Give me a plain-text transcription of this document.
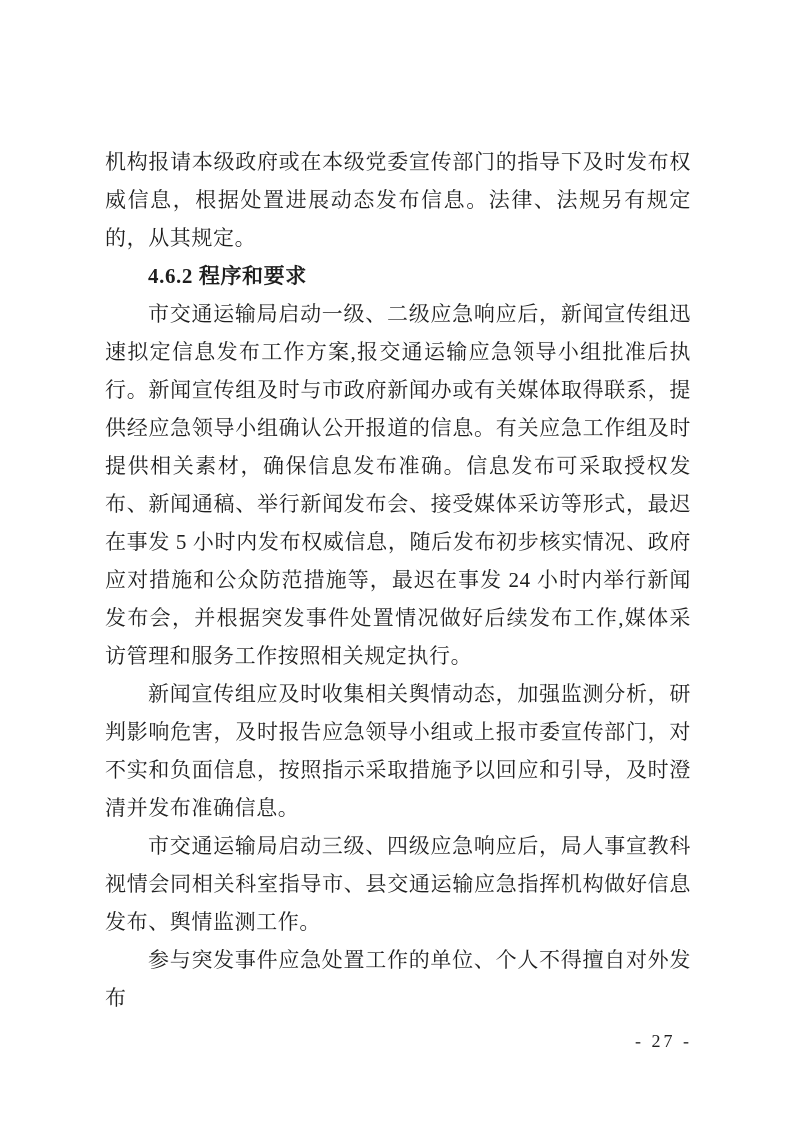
机构报请本级政府或在本级党委宣传部门的指导下及时发布权威信息，根据处置进展动态发布信息。法律、法规另有规定的，从其规定。

4.6.2 程序和要求

市交通运输局启动一级、二级应急响应后，新闻宣传组迅速拟定信息发布工作方案,报交通运输应急领导小组批准后执行。新闻宣传组及时与市政府新闻办或有关媒体取得联系，提供经应急领导小组确认公开报道的信息。有关应急工作组及时提供相关素材，确保信息发布准确。信息发布可采取授权发布、新闻通稿、举行新闻发布会、接受媒体采访等形式，最迟在事发 5 小时内发布权威信息，随后发布初步核实情况、政府应对措施和公众防范措施等，最迟在事发 24 小时内举行新闻发布会，并根据突发事件处置情况做好后续发布工作,媒体采访管理和服务工作按照相关规定执行。

新闻宣传组应及时收集相关舆情动态，加强监测分析，研判影响危害，及时报告应急领导小组或上报市委宣传部门，对不实和负面信息，按照指示采取措施予以回应和引导，及时澄清并发布准确信息。

市交通运输局启动三级、四级应急响应后，局人事宣教科视情会同相关科室指导市、县交通运输应急指挥机构做好信息发布、舆情监测工作。

参与突发事件应急处置工作的单位、个人不得擅自对外发布

- 27 -
